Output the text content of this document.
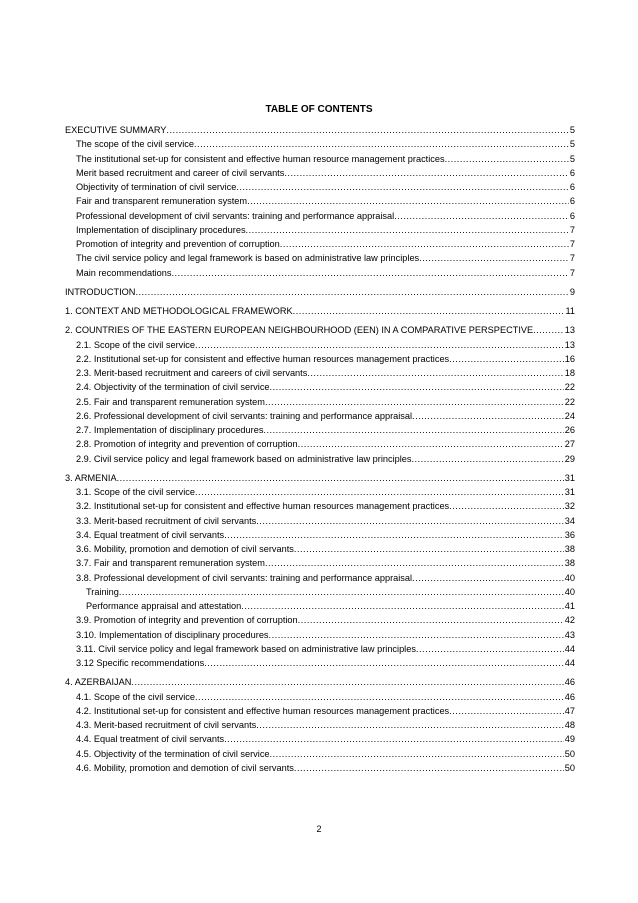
TABLE OF CONTENTS
EXECUTIVE SUMMARY .....	5
The scope of the civil service .....	5
The institutional set-up for consistent and effective human resource management practices .....	5
Merit based recruitment and career of civil servants .....	6
Objectivity of termination of civil service .....	6
Fair and transparent remuneration system .....	6
Professional development of civil servants: training and performance appraisal .....	6
Implementation of disciplinary procedures .....	7
Promotion of integrity and prevention of corruption .....	7
The civil service policy and legal framework is based on administrative law principles .....	7
Main recommendations .....	7
INTRODUCTION .....	9
1. CONTEXT AND METHODOLOGICAL FRAMEWORK .....	11
2. COUNTRIES OF THE EASTERN EUROPEAN NEIGHBOURHOOD (EEN) IN A COMPARATIVE PERSPECTIVE .....	13
2.1. Scope of the civil service .....	13
2.2. Institutional set-up for consistent and effective human resources management practices .....	16
2.3. Merit-based recruitment and careers of civil servants .....	18
2.4. Objectivity of the termination of civil service .....	22
2.5. Fair and transparent remuneration system .....	22
2.6. Professional development of civil servants: training and performance appraisal .....	24
2.7. Implementation of disciplinary procedures .....	26
2.8. Promotion of integrity and prevention of corruption .....	27
2.9. Civil service policy and legal framework based on administrative law principles .....	29
3. ARMENIA .....	31
3.1. Scope of the civil service .....	31
3.2. Institutional set-up for consistent and effective human resources management practices .....	32
3.3. Merit-based recruitment of civil servants .....	34
3.4. Equal treatment of civil servants .....	36
3.6. Mobility, promotion and demotion of civil servants .....	38
3.7. Fair and transparent remuneration system .....	38
3.8. Professional development of civil servants: training and performance appraisal .....	40
Training .....	40
Performance appraisal and attestation .....	41
3.9. Promotion of integrity and prevention of corruption .....	42
3.10. Implementation of disciplinary procedures .....	43
3.11. Civil service policy and legal framework based on administrative law principles .....	44
3.12 Specific recommendations .....	44
4. AZERBAIJAN .....	46
4.1. Scope of the civil service .....	46
4.2. Institutional set-up for consistent and effective human resources management practices .....	47
4.3. Merit-based recruitment of civil servants .....	48
4.4. Equal treatment of civil servants .....	49
4.5. Objectivity of the termination of civil service .....	50
4.6. Mobility, promotion and demotion of civil servants .....	50
2
